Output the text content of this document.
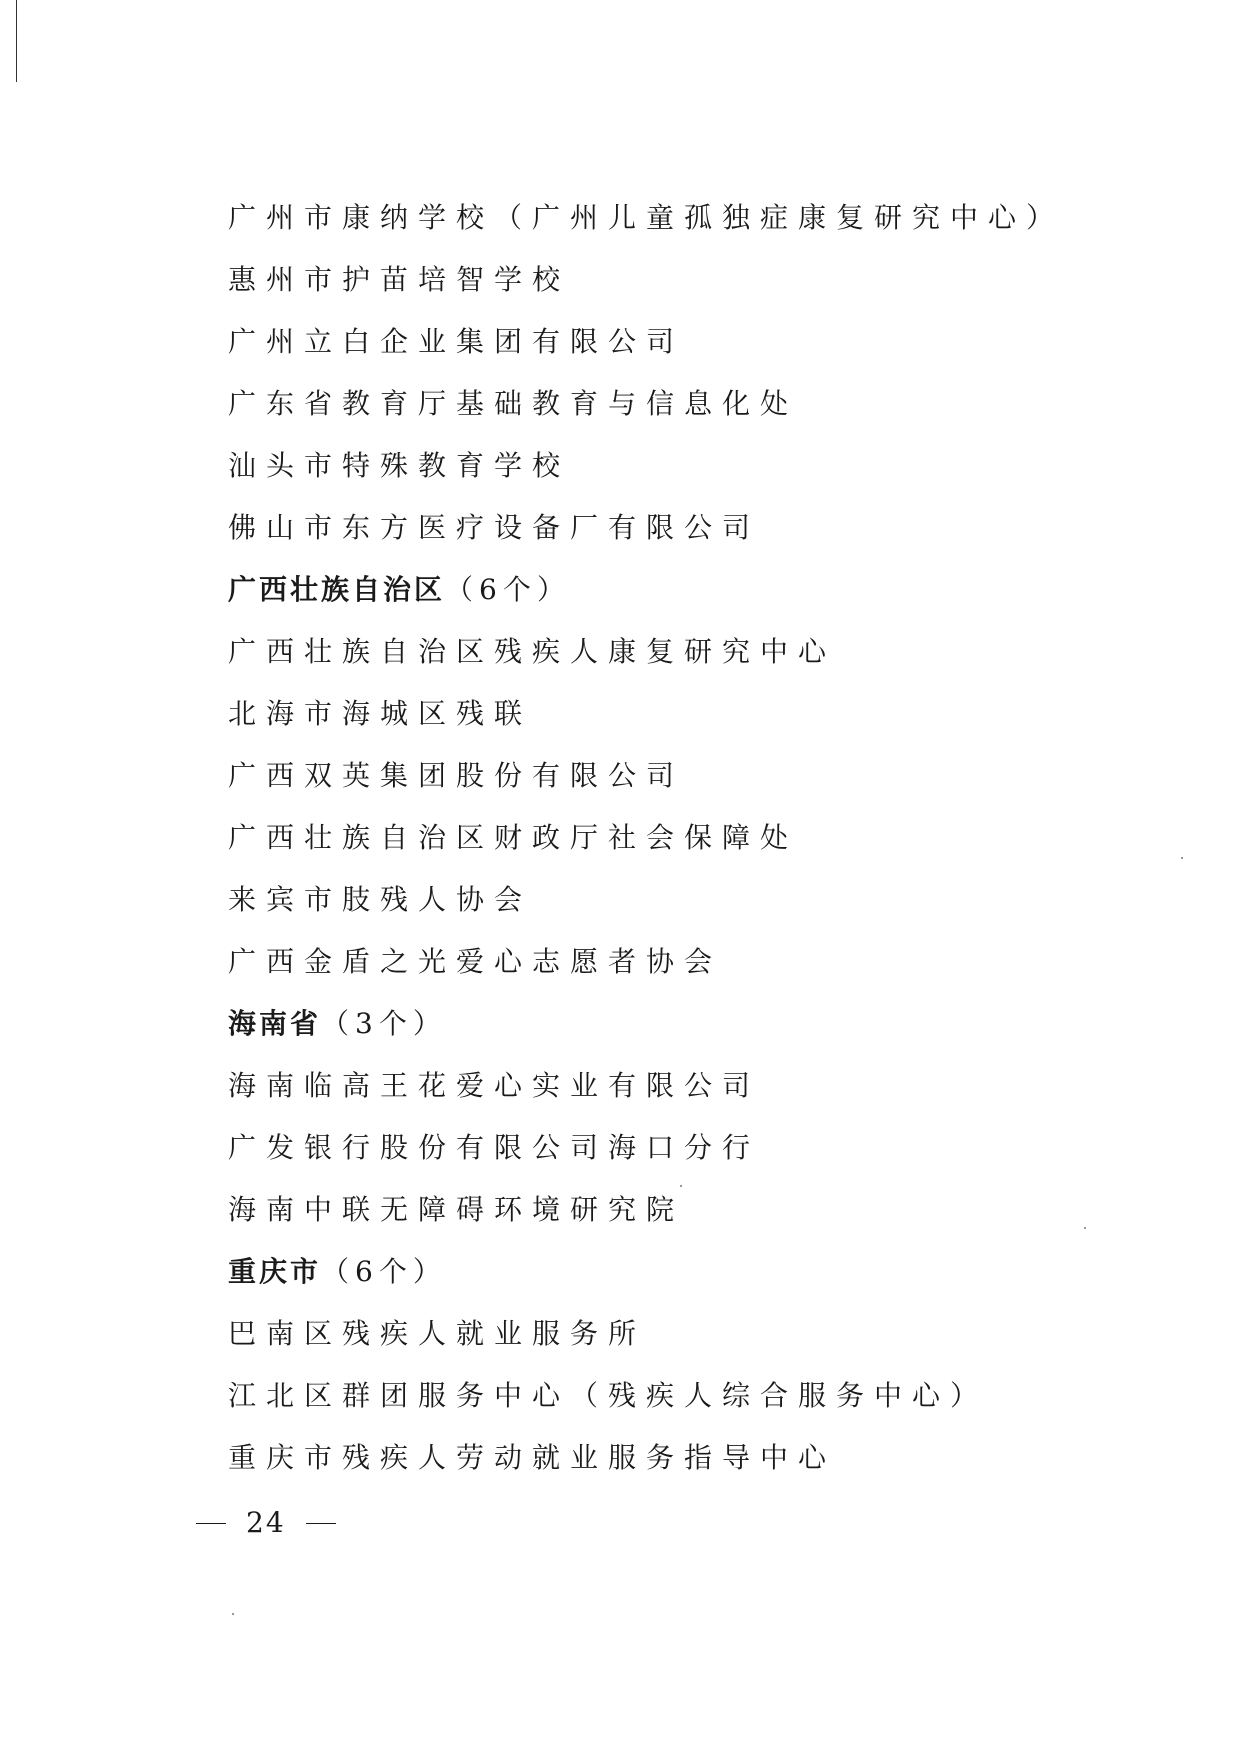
广州市康纳学校（广州儿童孤独症康复研究中心）
惠州市护苗培智学校
广州立白企业集团有限公司
广东省教育厅基础教育与信息化处
汕头市特殊教育学校
佛山市东方医疗设备厂有限公司
广西壮族自治区（6个）
广西壮族自治区残疾人康复研究中心
北海市海城区残联
广西双英集团股份有限公司
广西壮族自治区财政厅社会保障处
来宾市肢残人协会
广西金盾之光爱心志愿者协会
海南省（3个）
海南临高王花爱心实业有限公司
广发银行股份有限公司海口分行
海南中联无障碍环境研究院
重庆市（6个）
巴南区残疾人就业服务所
江北区群团服务中心（残疾人综合服务中心）
重庆市残疾人劳动就业服务指导中心
24
